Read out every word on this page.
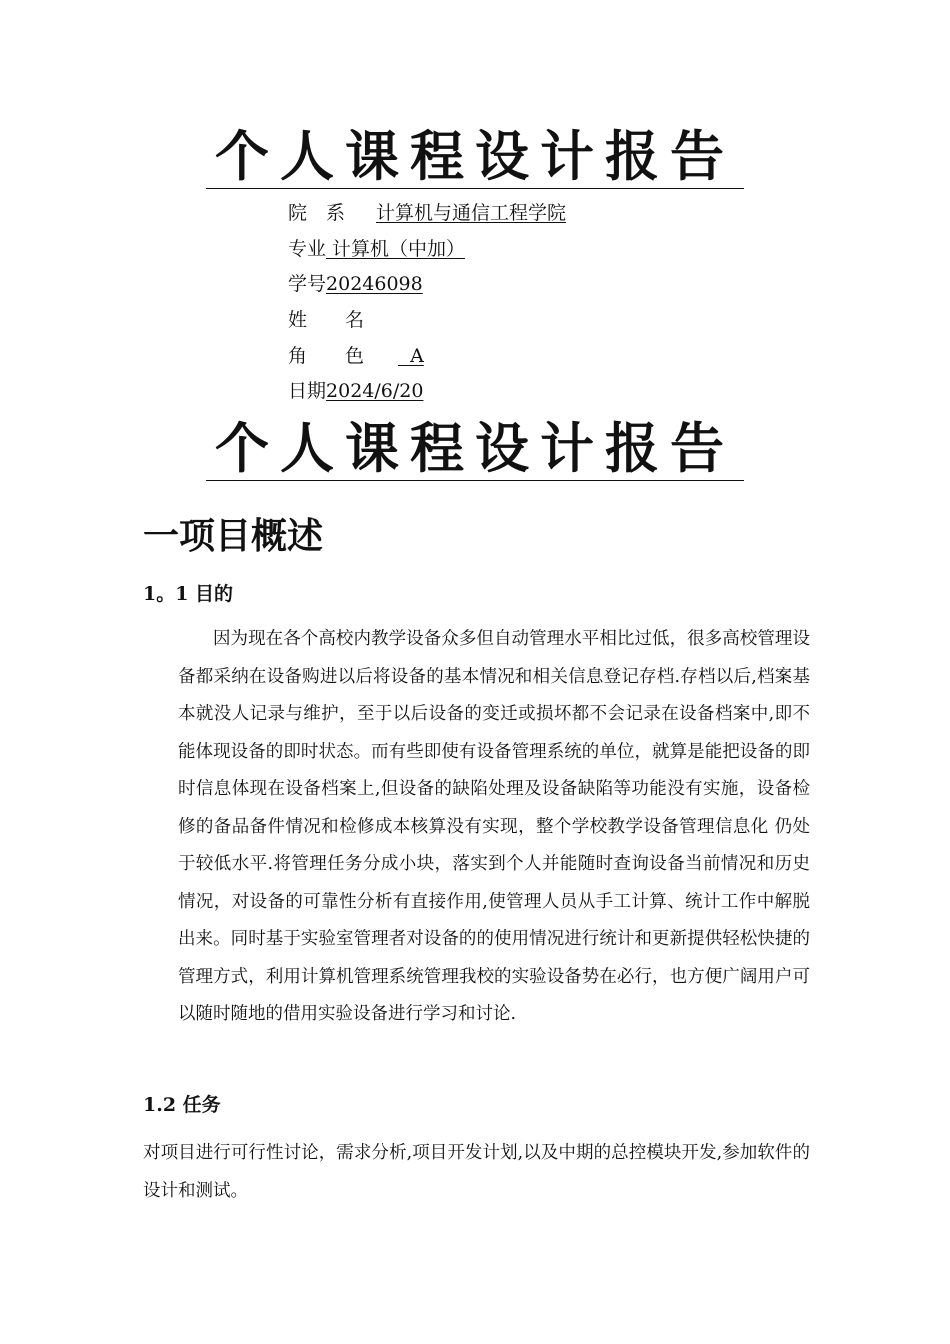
个人课程设计报告
院　系 计算机与通信工程学院
专业 计算机（中加）
学号20246098
姓　　名
角　　色  A
日期2024/6/20
个人课程设计报告
一项目概述
1。1 目的
因为现在各个高校内教学设备众多但自动管理水平相比过低，很多高校管理设备都采纳在设备购进以后将设备的基本情况和相关信息登记存档.存档以后,档案基本就没人记录与维护，至于以后设备的变迁或损坏都不会记录在设备档案中,即不能体现设备的即时状态。而有些即使有设备管理系统的单位，就算是能把设备的即时信息体现在设备档案上,但设备的缺陷处理及设备缺陷等功能没有实施，设备检修的备品备件情况和检修成本核算没有实现，整个学校教学设备管理信息化 仍处于较低水平.将管理任务分成小块，落实到个人并能随时查询设备当前情况和历史情况，对设备的可靠性分析有直接作用,使管理人员从手工计算、统计工作中解脱出来。同时基于实验室管理者对设备的的使用情况进行统计和更新提供轻松快捷的管理方式，利用计算机管理系统管理我校的实验设备势在必行，也方便广阔用户可以随时随地的借用实验设备进行学习和讨论.
1.2 任务
对项目进行可行性讨论，需求分析,项目开发计划,以及中期的总控模块开发,参加软件的设计和测试。
